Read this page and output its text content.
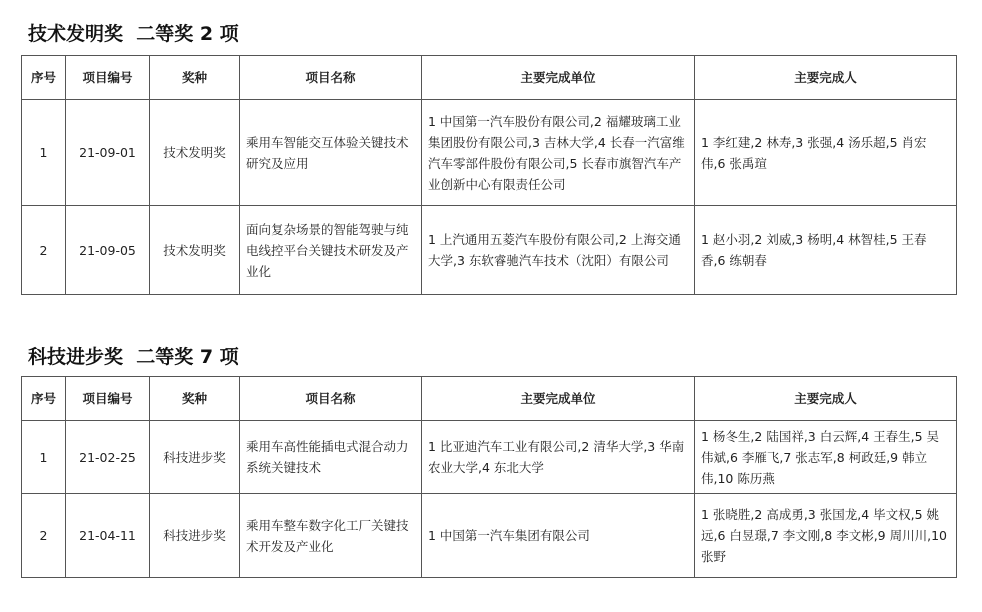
技术发明奖  二等奖 2 项
序号	项目编号	奖种	项目名称	主要完成单位	主要完成人
1	21-09-01	技术发明奖	乘用车智能交互体验关键技术研究及应用	1 中国第一汽车股份有限公司,2 福耀玻璃工业集团股份有限公司,3 吉林大学,4 长春一汽富维汽车零部件股份有限公司,5 长春市旗智汽车产业创新中心有限责任公司	1 李红建,2 林寿,3 张强,4 汤乐超,5 肖宏伟,6 张禹瑄
2	21-09-05	技术发明奖	面向复杂场景的智能驾驶与纯电线控平台关键技术研发及产业化	1 上汽通用五菱汽车股份有限公司,2 上海交通大学,3 东软睿驰汽车技术（沈阳）有限公司	1 赵小羽,2 刘威,3 杨明,4 林智桂,5 王春香,6 练朝春
科技进步奖  二等奖 7 项
序号	项目编号	奖种	项目名称	主要完成单位	主要完成人
1	21-02-25	科技进步奖	乘用车高性能插电式混合动力系统关键技术	1 比亚迪汽车工业有限公司,2 清华大学,3 华南农业大学,4 东北大学	1 杨冬生,2 陆国祥,3 白云辉,4 王春生,5 吴伟斌,6 李雁飞,7 张志军,8 柯政廷,9 韩立伟,10 陈历燕
2	21-04-11	科技进步奖	乘用车整车数字化工厂关键技术开发及产业化	1 中国第一汽车集团有限公司	1 张晓胜,2 高成勇,3 张国龙,4 毕文权,5 姚远,6 白昱璟,7 李文刚,8 李文彬,9 周川川,10 张野
